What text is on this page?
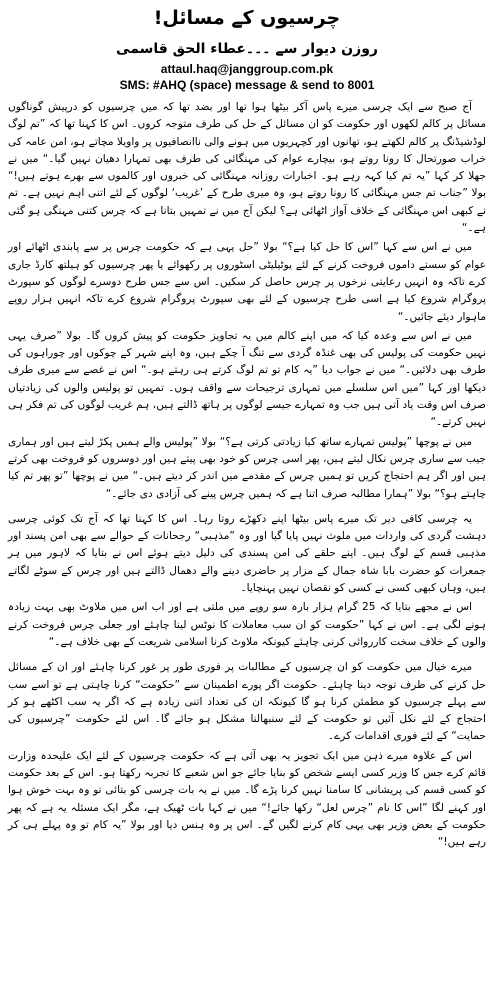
چرسیوں کے مسائل!
روزن دیوار سے ۔۔۔عطاء الحق قاسمی
attaul.haq@janggroup.com.pk
SMS: #AHQ (space) message & send to 8001

آج صبح سے ایک چرسی میرے پاس آکر بیٹھا ہوا تھا اور بضد تھا کہ میں چرسیوں کو درپیش گوناگوں مسائل پر کالم لکھوں اور حکومت کو ان مسائل کے حل کی طرف متوجہ کروں۔ اس کا کہنا تھا کہ ”تم لوگ لوڈشیڈنگ پر کالم لکھتے ہو، تھانوں اور کچہریوں میں ہونے والی ناانصافیوں پر واویلا مچاتے ہو، امن عامہ کی خراب صورتحال کا رونا روتے ہو، بیچارے عوام کی مہنگائی کی طرف بھی تمہارا دھیان نہیں گیا۔“ میں نے جھلا کر کہا ”یہ تم کیا کہہ رہے ہو۔ اخبارات روزانہ مہنگائی کی خبروں اور کالموں سے بھرے ہوتے ہیں!“ بولا ”جناب تم جس مہنگائی کا رونا روتے ہو، وہ میری طرح کے ’غریب‘ لوگوں کے لئے اتنی اہم نہیں ہے۔ تم نے کبھی اس مہنگائی کے خلاف آواز اٹھائی ہے؟ لیکن آج میں نے تمہیں بتانا ہے کہ چرس کتنی مہنگی ہو گئی ہے۔“

میں نے اس سے کہا ”اس کا حل کیا ہے؟“ بولا ”حل یہی ہے کہ حکومت چرس پر سے پابندی اٹھائے اور عوام کو سستے داموں فروخت کرنے کے لئے یوٹیلیٹی اسٹوروں پر رکھوائے یا پھر چرسیوں کو ہیلتھ کارڈ جاری کرے تاکہ وہ انہیں رعایتی نرخوں پر چرس حاصل کر سکیں۔ اس سے جس طرح دوسرے لوگوں کو سپورٹ پروگرام شروع کیا ہے اسی طرح چرسیوں کے لئے بھی سپورٹ پروگرام شروع کرے تاکہ انہیں ہزار روپے ماہوار دیئے جائیں۔“

میں نے اس سے وعدہ کیا کہ میں اپنے کالم میں یہ تجاویز حکومت کو پیش کروں گا۔ بولا ”صرف یہی نہیں حکومت کی پولیس کی بھی غنڈہ گردی سے تنگ آ چکے ہیں، وہ اپنے شہر کے چوکوں اور چوراہوں کی طرف بھی دلائیں۔“ میں نے جواب دیا ”یہ کام تو تم لوگ کرتے ہی رہتے ہو۔“ اس نے غصے سے میری طرف دیکھا اور کہا ”میں اس سلسلے میں تمہاری ترجیحات سے واقف ہوں۔ تمہیں تو پولیس والوں کی زیادتیاں صرف اس وقت یاد آتی ہیں جب وہ تمہارے جیسے لوگوں پر ہاتھ ڈالتے ہیں، ہم غریب لوگوں کی تم فکر ہی نہیں کرتے۔“

میں نے پوچھا ”پولیس تمہارے ساتھ کیا زیادتی کرتی ہے؟“ بولا ”پولیس والے ہمیں پکڑ لیتے ہیں اور ہماری جیب سے ساری چرس نکال لیتے ہیں، پھر اسی چرس کو خود بھی پیتے ہیں اور دوسروں کو فروخت بھی کرتے ہیں اور اگر ہم احتجاج کریں تو ہمیں چرس کے مقدمے میں اندر کر دیتے ہیں۔“ میں نے پوچھا ”تو پھر تم کیا چاہتے ہو؟“ بولا ”ہمارا مطالبہ صرف اتنا ہے کہ ہمیں چرس پینے کی آزادی دی جائے۔“

یہ چرسی کافی دیر تک میرے پاس بیٹھا اپنے دکھڑے روتا رہا۔ اس کا کہنا تھا کہ آج تک کوئی چرسی دہشت گردی کی واردات میں ملوث نہیں پایا گیا اور وہ ”مذہبی“ رجحانات کے حوالے سے بھی امن پسند اور مذہبی قسم کے لوگ ہیں۔ اپنے حلقے کی امن پسندی کی دلیل دیتے ہوئے اس نے بتایا کہ لاہور میں ہر جمعرات کو حضرت بابا شاہ جمال کے مزار پر حاضری دینے والے دھمال ڈالتے ہیں اور چرس کے سوٹے لگاتے ہیں، وہاں کبھی کسی نے کسی کو نقصان نہیں پہنچایا۔

اس نے مجھے بتایا کہ 25 گرام ہزار بارہ سو روپے میں ملتی ہے اور اب اس میں ملاوٹ بھی بہت زیادہ ہونے لگی ہے۔ اس نے کہا ”حکومت کو ان سب معاملات کا نوٹس لینا چاہئے اور جعلی چرس فروخت کرنے والوں کے خلاف سخت کارروائی کرنی چاہئے کیونکہ ملاوٹ کرنا اسلامی شریعت کے بھی خلاف ہے۔“

میرے خیال میں حکومت کو ان چرسیوں کے مطالبات پر فوری طور پر غور کرنا چاہئے اور ان کے مسائل حل کرنے کی طرف توجہ دینا چاہئے۔ حکومت اگر پورے اطمینان سے ”حکومت“ کرنا چاہتی ہے تو اسے سب سے پہلے چرسیوں کو مطمئن کرنا ہو گا کیونکہ ان کی تعداد اتنی زیادہ ہے کہ اگر یہ سب اکٹھے ہو کر احتجاج کے لئے نکل آئیں تو حکومت کے لئے سنبھالنا مشکل ہو جائے گا۔ اس لئے حکومت ”چرسیوں کی حمایت“ کے لئے فوری اقدامات کرے۔

اس کے علاوہ میرے ذہن میں ایک تجویز یہ بھی آئی ہے کہ حکومت چرسیوں کے لئے ایک علیحدہ وزارت قائم کرے جس کا وزیر کسی ایسے شخص کو بنایا جائے جو اس شعبے کا تجربہ رکھتا ہو۔ اس کے بعد حکومت کو کسی قسم کی پریشانی کا سامنا نہیں کرنا پڑے گا۔ میں نے یہ بات چرسی کو بتائی تو وہ بہت خوش ہوا اور کہنے لگا ”اس کا نام ”چرس لعل“ رکھا جائے!“ میں نے کہا بات ٹھیک ہے، مگر ایک مسئلہ یہ ہے کہ پھر حکومت کے بعض وزیر بھی یہی کام کرنے لگیں گے۔ اس پر وہ ہنس دیا اور بولا ”یہ کام تو وہ پہلے ہی کر رہے ہیں!“
